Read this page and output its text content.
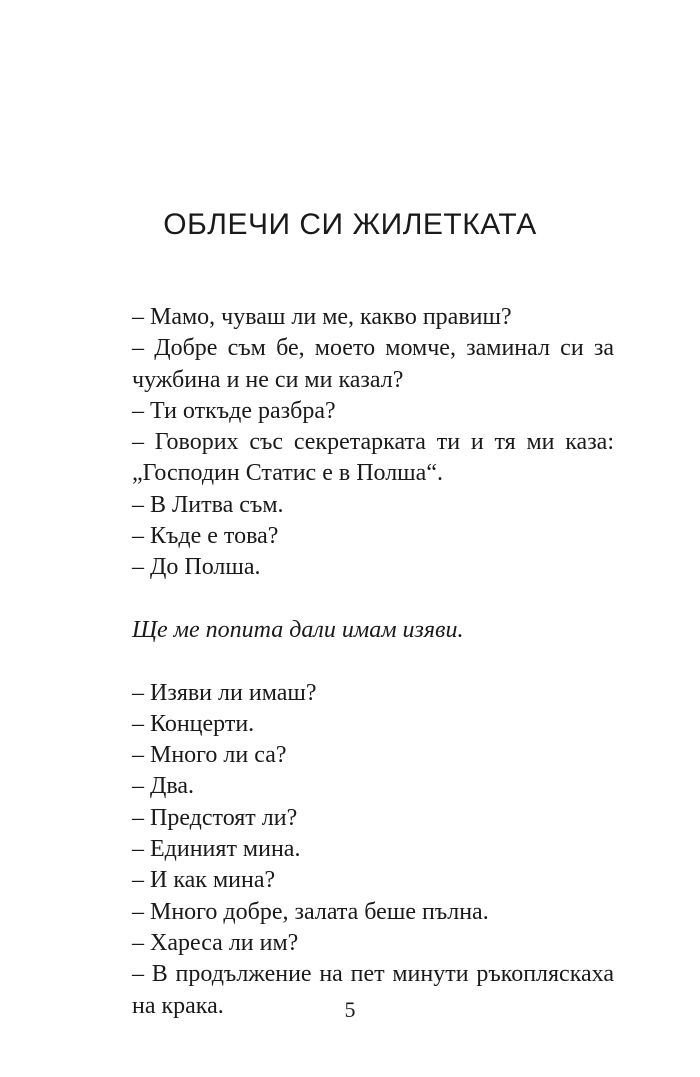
ОБЛЕЧИ СИ ЖИЛЕТКАТА
– Мамо, чуваш ли ме, какво правиш?
– Добре съм бе, моето момче, заминал си за
чужбина и не си ми казал?
– Ти откъде разбра?
– Говорих със секретарката ти и тя ми каза:
„Господин Статис е в Полша“.
– В Литва съм.
– Къде е това?
– До Полша.
Ще ме попита дали имам изяви.
– Изяви ли имаш?
– Концерти.
– Много ли са?
– Два.
– Предстоят ли?
– Единият мина.
– И как мина?
– Много добре, залата беше пълна.
– Хареса ли им?
– В продължение на пет минути ръкопляскаха
на крака.	5
